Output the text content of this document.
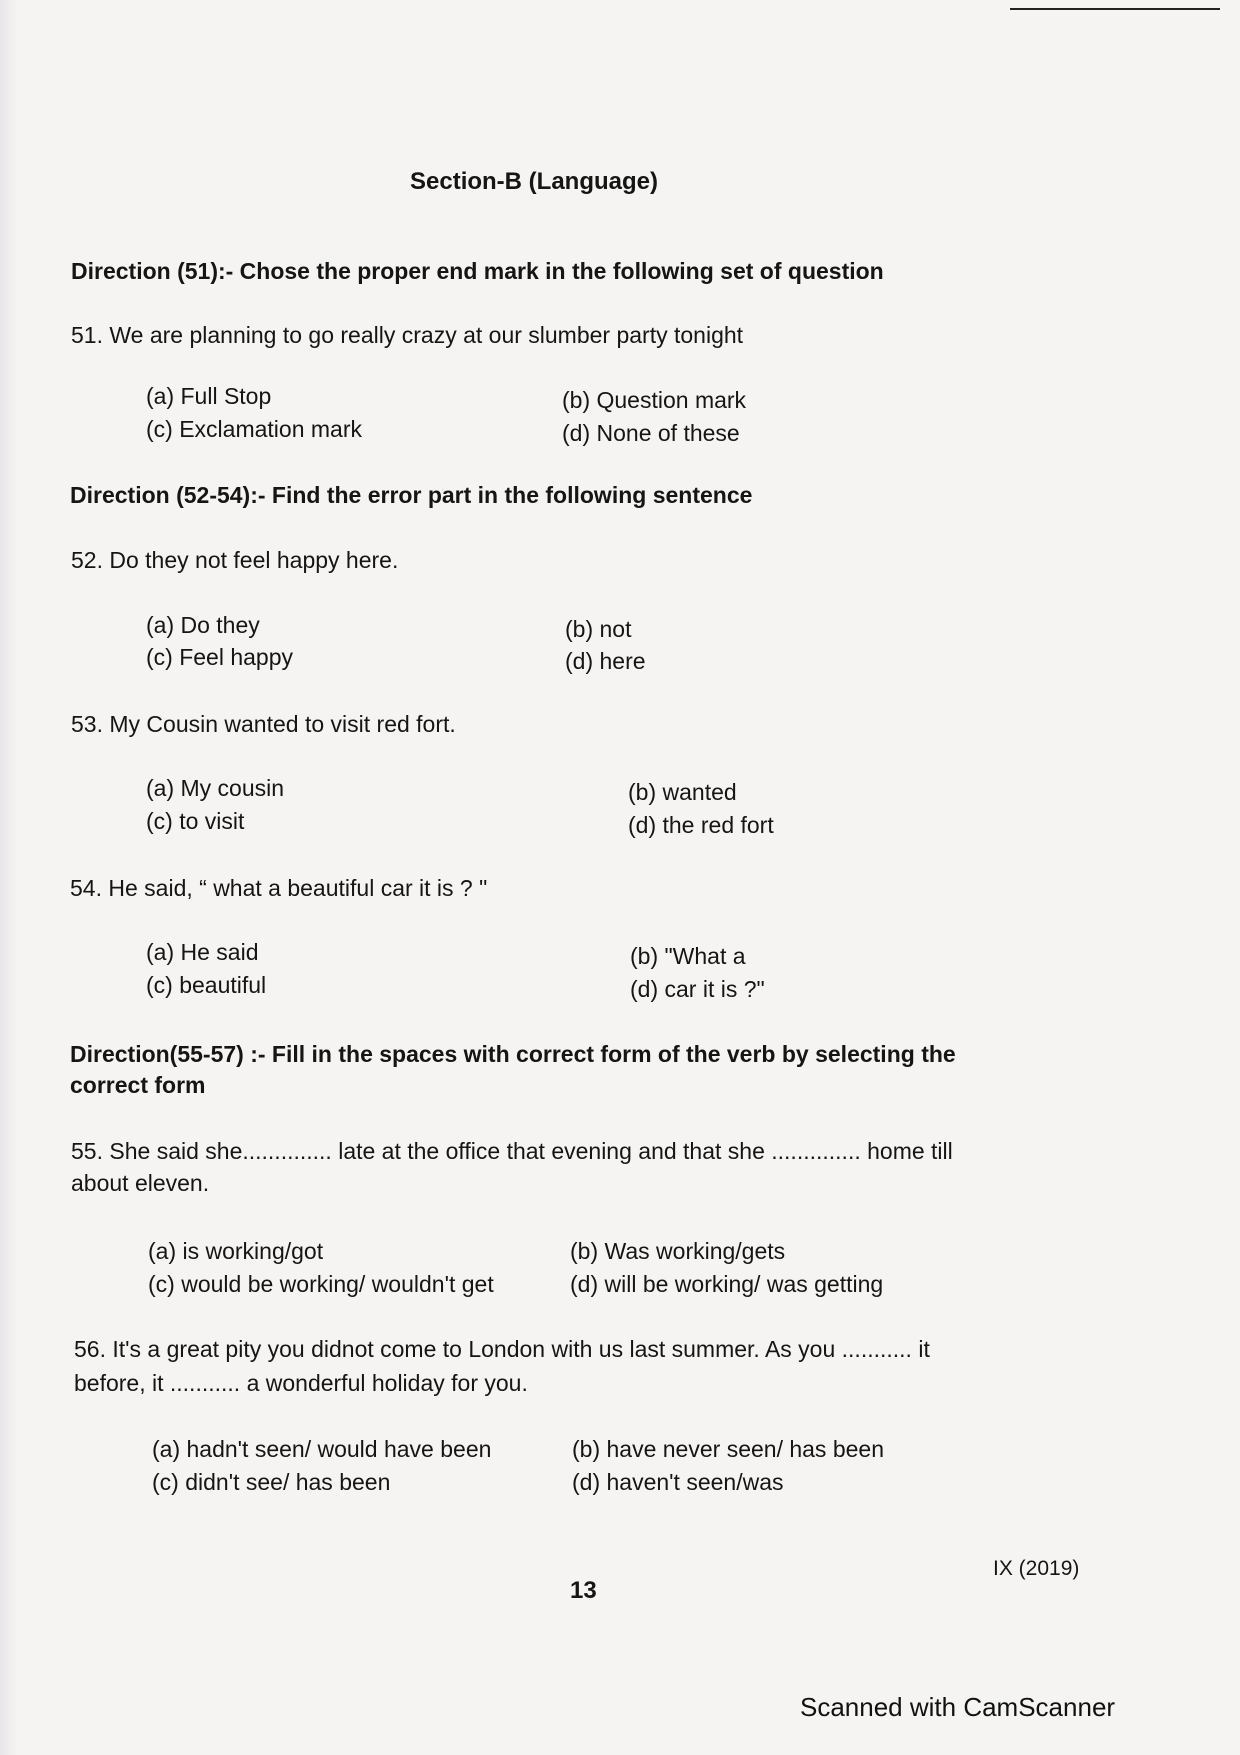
Section-B (Language)
Direction (51):- Chose the proper end mark in the following set of question
51. We are planning to go really crazy at our slumber party tonight
(a) Full Stop	(b) Question mark
(c) Exclamation mark	(d) None of these
Direction (52-54):- Find the error part in the following sentence
52. Do they not feel happy here.
(a) Do they	(b) not
(c) Feel happy	(d) here
53. My Cousin wanted to visit red fort.
(a) My cousin	(b) wanted
(c) to visit	(d) the red fort
54. He said, “ what a beautiful car it is ? "
(a) He said	(b) "What a
(c) beautiful	(d) car it is ?"
Direction(55-57) :- Fill in the spaces with correct form of the verb by selecting the
correct form
55. She said she.............. late at the office that evening and that she .............. home till
about eleven.
(a) is working/got	(b) Was working/gets
(c) would be working/ wouldn't get	(d) will be working/ was getting
56. It's a great pity you didnot come to London with us last summer. As you ........... it
before, it ........... a wonderful holiday for you.
(a) hadn't seen/ would have been	(b) have never seen/ has been
(c) didn't see/ has been	(d) haven't seen/was
13
IX (2019)
Scanned with CamScanner
